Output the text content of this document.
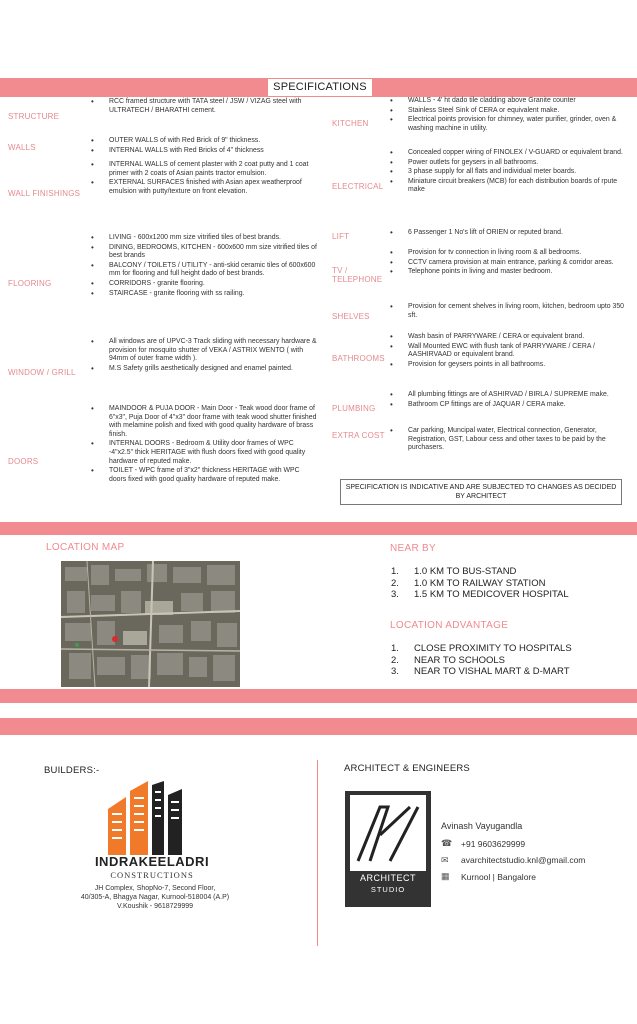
SPECIFICATIONS
STRUCTURE
• RCC framed structure with TATA steel / JSW / VIZAG steel with ULTRATECH / BHARATHI cement.
WALLS
• OUTER WALLS of with Red Brick of 9" thickness.
• INTERNAL WALLS with Red Bricks of 4" thickness
WALL FINISHINGS
• INTERNAL WALLS of cement plaster with 2 coat putty and 1 coat primer with 2 coats of Asian paints tractor emulsion.
• EXTERNAL SURFACES finished with Asian apex weatherproof emulsion with putty/texture on front elevation.
FLOORING
• LIVING - 600x1200 mm size vitrified tiles of best brands.
• DINING, BEDROOMS, KITCHEN - 600x600 mm size vitrified tiles of best brands
• BALCONY / TOILETS / UTILITY - anti-skid ceramic tiles of 600x600 mm for flooring and full height dado of best brands.
• CORRIDORS - granite flooring.
• STAIRCASE - granite flooring with ss railing.
WINDOW / GRILL
• All windows are of UPVC-3 Track sliding with necessary hardware & provision for mosquito shutter of VEKA / ASTRIX WENTO ( with 94mm of outer frame width ).
• M.S Safety grills aesthetically designed and enamel painted.
DOORS
• MAINDOOR & PUJA DOOR - Main Door - Teak wood door frame of 6"x3", Puja Door of 4"x3" door frame with teak wood shutter finished with melamine polish and fixed with good quality hardware of brass finish.
• INTERNAL DOORS - Bedroom & Utility door frames of WPC -4"x2.5" thick HERITAGE with flush doors fixed with good quality hardware of reputed make.
• TOILET - WPC frame of 3"x2" thickness HERITAGE with WPC doors fixed with good quality hardware of reputed make.
KITCHEN
• WALLS - 4' ht dado tile cladding above Granite counter
• Stainless Steel Sink of CERA or equivalent make.
• Electrical points provision for chimney, water purifier, grinder, oven & washing machine in utility.
ELECTRICAL
• Concealed copper wiring of FINOLEX / V-GUARD or equivalent brand.
• Power outlets for geysers in all bathrooms.
• 3 phase supply for all flats and individual meter boards.
• Miniature circuit breakers (MCB) for each distribution boards of rpute make
LIFT
•	6 Passenger 1 No's lift of ORIEN or reputed brand.
TV / TELEPHONE
• Provision for tv connection in living room & all bedrooms.
• CCTV camera provision at main entrance, parking & corridor areas.
• Telephone points in living and master bedroom.
SHELVES
• Provision for cement shelves in living room, kitchen, bedroom upto 350 sft.
BATHROOMS
• Wash basin of PARRYWARE / CERA or equivalent brand.
• Wall Mounted EWC with flush tank of PARRYWARE / CERA / AASHIRVAAD or equivalent brand.
• Provision for geysers points in all bathrooms.
PLUMBING
• All plumbing fittings are of ASHIRVAD / BIRLA / SUPREME make.
• Bathroom CP fittings are of JAQUAR / CERA make.
EXTRA COST
• Car parking, Muncipal water, Electrical connection, Generator, Registration, GST, Labour cess and other taxes to be paid by the purchasers.
SPECIFICATION IS INDICATIVE AND ARE SUBJECTED TO CHANGES AS DECIDED BY ARCHITECT
LOCATION MAP	NEAR BY
1.	1.0 KM TO BUS-STAND
2.	1.0 KM TO RAILWAY STATION
3.	1.5 KM TO MEDICOVER HOSPITAL
LOCATION ADVANTAGE
1.	CLOSE PROXIMITY TO HOSPITALS
2.	NEAR TO SCHOOLS
3.	NEAR TO VISHAL MART & D-MART
BUILDERS:-
INDRAKEELADRI
CONSTRUCTIONS
JH Complex, ShopNo-7, Second Floor,
40/305-A, Bhagya Nagar, Kurnool-518004 (A.P)
V.Koushik - 9618729999
ARCHITECT & ENGINEERS
ARCHITECT
STUDIO
Avinash Vayugandla
☎ +91 9603629999
✉	avarchitectstudio.knl@gmail.com
▦	Kurnool | Bangalore
